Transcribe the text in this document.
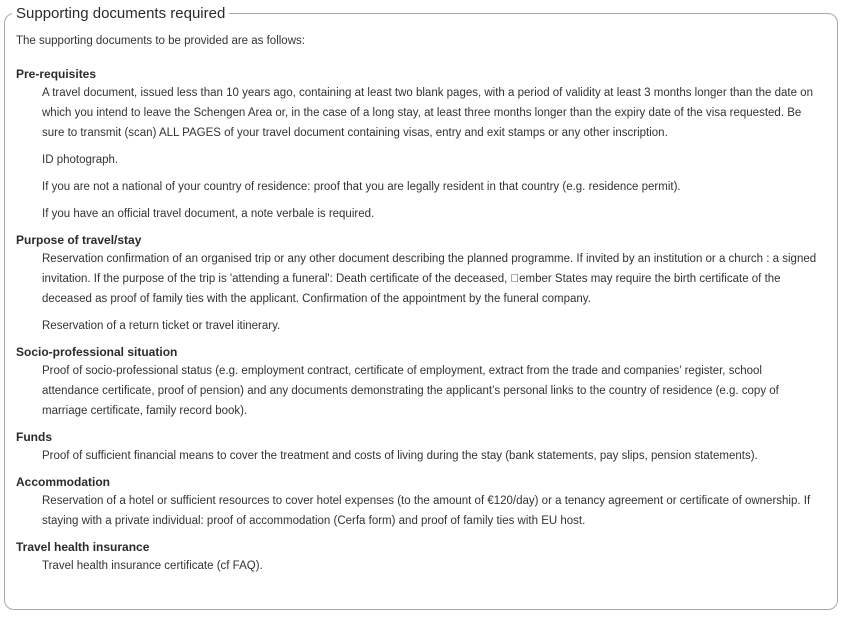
Supporting documents required

The supporting documents to be provided are as follows:

Pre-requisites

A travel document, issued less than 10 years ago, containing at least two blank pages, with a period of validity at least 3 months longer than the date on which you intend to leave the Schengen Area or, in the case of a long stay, at least three months longer than the expiry date of the visa requested. Be sure to transmit (scan) ALL PAGES of your travel document containing visas, entry and exit stamps or any other inscription.

ID photograph.

If you are not a national of your country of residence: proof that you are legally resident in that country (e.g. residence permit).

If you have an official travel document, a note verbale is required.

Purpose of travel/stay

Reservation confirmation of an organised trip or any other document describing the planned programme. If invited by an institution or a church : a signed invitation. If the purpose of the trip is 'attending a funeral': Death certificate of the deceased,  ember States may require the birth certificate of the deceased as proof of family ties with the applicant. Confirmation of the appointment by the funeral company.

Reservation of a return ticket or travel itinerary.

Socio-professional situation

Proof of socio-professional status (e.g. employment contract, certificate of employment, extract from the trade and companies’ register, school attendance certificate, proof of pension) and any documents demonstrating the applicant’s personal links to the country of residence (e.g. copy of marriage certificate, family record book).

Funds

Proof of sufficient financial means to cover the treatment and costs of living during the stay (bank statements, pay slips, pension statements).

Accommodation

Reservation of a hotel or sufficient resources to cover hotel expenses (to the amount of €120/day) or a tenancy agreement or certificate of ownership. If staying with a private individual: proof of accommodation (Cerfa form) and proof of family ties with EU host.

Travel health insurance

Travel health insurance certificate (cf FAQ).
